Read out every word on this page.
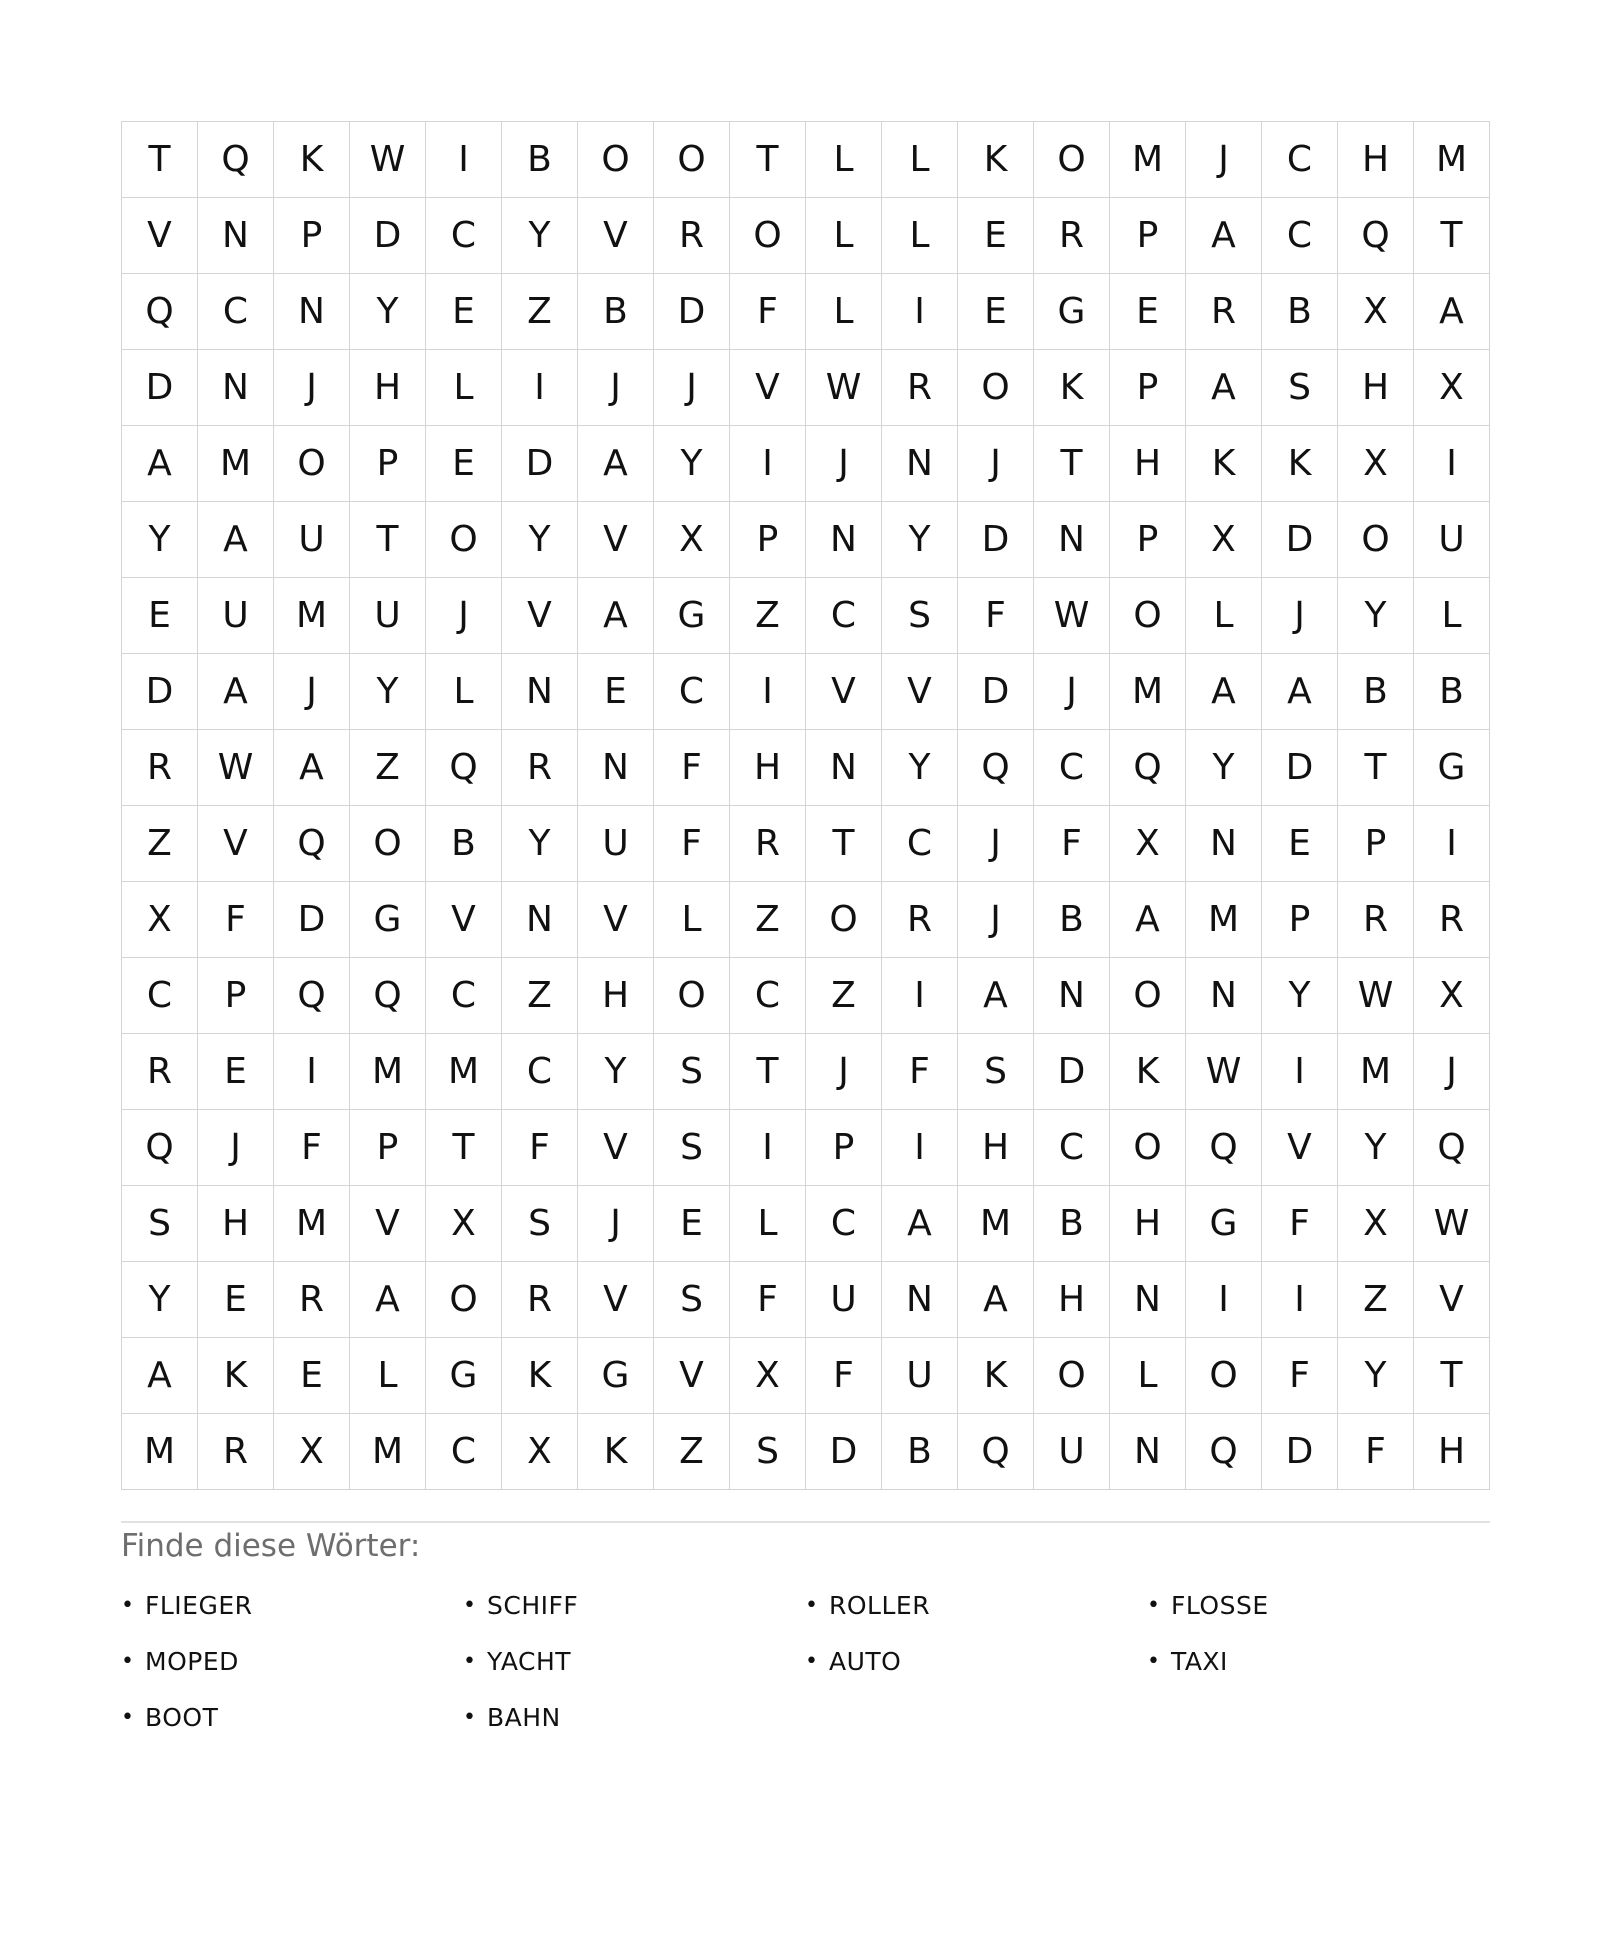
T	Q	K	W	I	B	O	O	T	L	L	K	O	M	J	C	H	M
V	N	P	D	C	Y	V	R	O	L	L	E	R	P	A	C	Q	T
Q	C	N	Y	E	Z	B	D	F	L	I	E	G	E	R	B	X	A
D	N	J	H	L	I	J	J	V	W	R	O	K	P	A	S	H	X
A	M	O	P	E	D	A	Y	I	J	N	J	T	H	K	K	X	I
Y	A	U	T	O	Y	V	X	P	N	Y	D	N	P	X	D	O	U
E	U	M	U	J	V	A	G	Z	C	S	F	W	O	L	J	Y	L
D	A	J	Y	L	N	E	C	I	V	V	D	J	M	A	A	B	B
R	W	A	Z	Q	R	N	F	H	N	Y	Q	C	Q	Y	D	T	G
Z	V	Q	O	B	Y	U	F	R	T	C	J	F	X	N	E	P	I
X	F	D	G	V	N	V	L	Z	O	R	J	B	A	M	P	R	R
C	P	Q	Q	C	Z	H	O	C	Z	I	A	N	O	N	Y	W	X
R	E	I	M	M	C	Y	S	T	J	F	S	D	K	W	I	M	J
Q	J	F	P	T	F	V	S	I	P	I	H	C	O	Q	V	Y	Q
S	H	M	V	X	S	J	E	L	C	A	M	B	H	G	F	X	W
Y	E	R	A	O	R	V	S	F	U	N	A	H	N	I	I	Z	V
A	K	E	L	G	K	G	V	X	F	U	K	O	L	O	F	Y	T
M	R	X	M	C	X	K	Z	S	D	B	Q	U	N	Q	D	F	H
Finde diese Wörter:
• FLIEGER	• SCHIFF	• ROLLER	• FLOSSE
• MOPED	• YACHT	• AUTO	• TAXI
• BOOT	• BAHN
